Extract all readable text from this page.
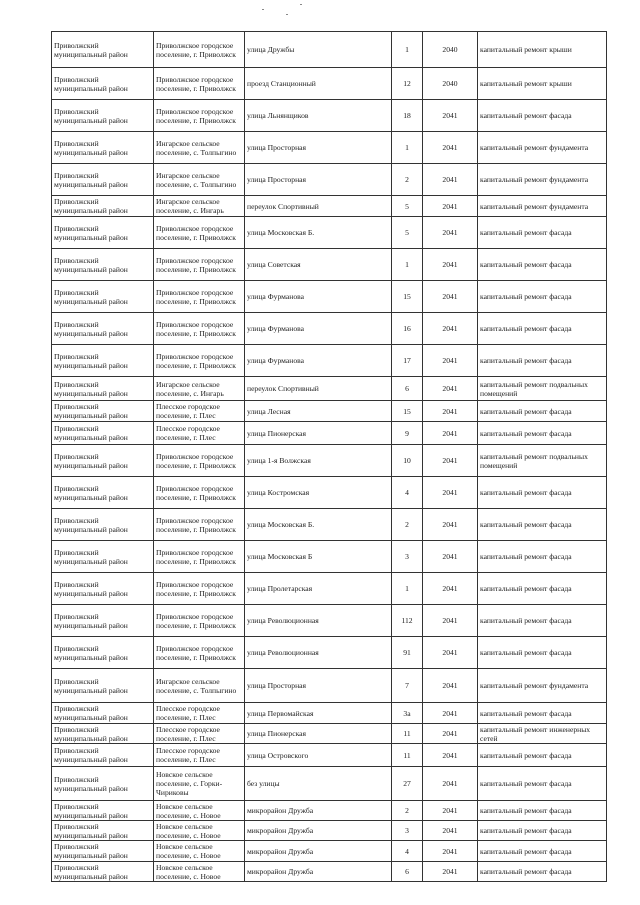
Приволжский муниципальный район	Приволжское городское поселение, г. Приволжск	улица Дружбы	1	2040	капитальный ремонт крыши
Приволжский муниципальный район	Приволжское городское поселение, г. Приволжск	проезд Станционный	12	2040	капитальный ремонт крыши
Приволжский муниципальный район	Приволжское городское поселение, г. Приволжск	улица Льнянщиков	18	2041	капитальный ремонт фасада
Приволжский муниципальный район	Ингарское сельское поселение, с. Толпыгино	улица Просторная	1	2041	капитальный ремонт фундамента
Приволжский муниципальный район	Ингарское сельское поселение, с. Толпыгино	улица Просторная	2	2041	капитальный ремонт фундамента
Приволжский муниципальный район	Ингарское сельское поселение, с. Ингарь	переулок Спортивный	5	2041	капитальный ремонт фундамента
Приволжский муниципальный район	Приволжское городское поселение, г. Приволжск	улица Московская Б.	5	2041	капитальный ремонт фасада
Приволжский муниципальный район	Приволжское городское поселение, г. Приволжск	улица Советская	1	2041	капитальный ремонт фасада
Приволжский муниципальный район	Приволжское городское поселение, г. Приволжск	улица Фурманова	15	2041	капитальный ремонт фасада
Приволжский муниципальный район	Приволжское городское поселение, г. Приволжск	улица Фурманова	16	2041	капитальный ремонт фасада
Приволжский муниципальный район	Приволжское городское поселение, г. Приволжск	улица Фурманова	17	2041	капитальный ремонт фасада
Приволжский муниципальный район	Ингарское сельское поселение, с. Ингарь	переулок Спортивный	6	2041	капитальный ремонт подвальных помещений
Приволжский муниципальный район	Плесское городское поселение, г. Плес	улица Лесная	15	2041	капитальный ремонт фасада
Приволжский муниципальный район	Плесское городское поселение, г. Плес	улица Пионерская	9	2041	капитальный ремонт фасада
Приволжский муниципальный район	Приволжское городское поселение, г. Приволжск	улица 1-я Волжская	10	2041	капитальный ремонт подвальных помещений
Приволжский муниципальный район	Приволжское городское поселение, г. Приволжск	улица Костромская	4	2041	капитальный ремонт фасада
Приволжский муниципальный район	Приволжское городское поселение, г. Приволжск	улица Московская Б.	2	2041	капитальный ремонт фасада
Приволжский муниципальный район	Приволжское городское поселение, г. Приволжск	улица Московская Б	3	2041	капитальный ремонт фасада
Приволжский муниципальный район	Приволжское городское поселение, г. Приволжск	улица Пролетарская	1	2041	капитальный ремонт фасада
Приволжский муниципальный район	Приволжское городское поселение, г. Приволжск	улица Революционная	112	2041	капитальный ремонт фасада
Приволжский муниципальный район	Приволжское городское поселение, г. Приволжск	улица Революционная	91	2041	капитальный ремонт фасада
Приволжский муниципальный район	Ингарское сельское поселение, с. Толпыгино	улица Просторная	7	2041	капитальный ремонт фундамента
Приволжский муниципальный район	Плесское городское поселение, г. Плес	улица Первомайская	3а	2041	капитальный ремонт фасада
Приволжский муниципальный район	Плесское городское поселение, г. Плес	улица Пионерская	11	2041	капитальный ремонт инженерных сетей
Приволжский муниципальный район	Плесское городское поселение, г. Плес	улица Островского	11	2041	капитальный ремонт фасада
Приволжский муниципальный район	Новское сельское поселение, с. Горки-Чириковы	без улицы	27	2041	капитальный ремонт фасада
Приволжский муниципальный район	Новское сельское поселение, с. Новое	микрорайон Дружба	2	2041	капитальный ремонт фасада
Приволжский муниципальный район	Новское сельское поселение, с. Новое	микрорайон Дружба	3	2041	капитальный ремонт фасада
Приволжский муниципальный район	Новское сельское поселение, с. Новое	микрорайон Дружба	4	2041	капитальный ремонт фасада
Приволжский муниципальный район	Новское сельское поселение, с. Новое	микрорайон Дружба	6	2041	капитальный ремонт фасада
